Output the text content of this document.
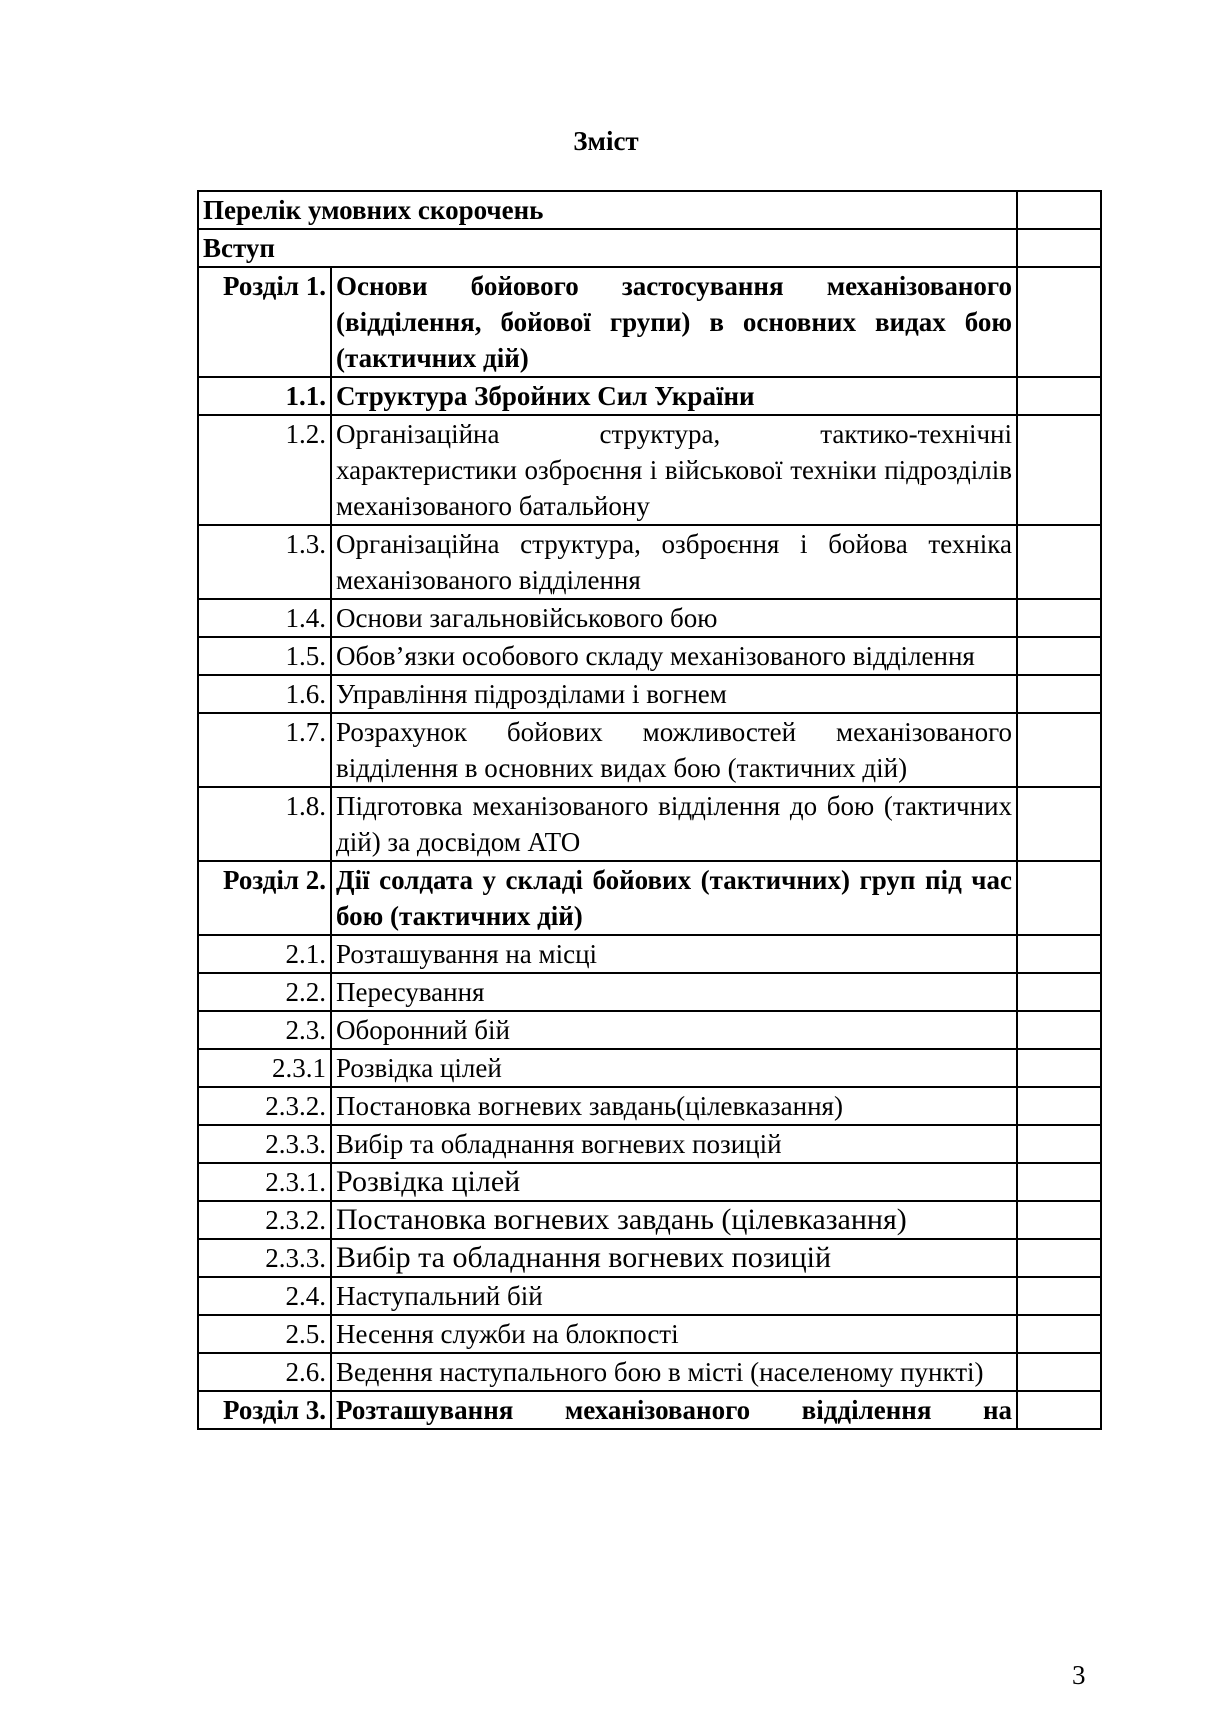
Зміст
Перелік умовних скорочень		
Вступ		
Розділ 1.	Основи бойового застосування механізованого (відділення, бойової групи) в основних видах бою (тактичних дій)	
1.1.	Структура Збройних Сил України	
1.2.	Організаційна структура, тактико-технічні характеристики озброєння і військової техніки підрозділів механізованого батальйону	
1.3.	Організаційна структура, озброєння і бойова техніка механізованого відділення	
1.4.	Основи загальновійськового бою	
1.5.	Обов’язки особового складу механізованого відділення	
1.6.	Управління підрозділами і вогнем	
1.7.	Розрахунок бойових можливостей механізованого відділення в основних видах бою (тактичних дій)	
1.8.	Підготовка механізованого відділення до бою (тактичних дій) за досвідом АТО	
Розділ 2.	Дії солдата у складі бойових (тактичних) груп під час бою (тактичних дій)	
2.1.	Розташування на місці	
2.2.	Пересування	
2.3.	Оборонний бій	
2.3.1	Розвідка цілей	
2.3.2.	Постановка вогневих завдань(цілевказання)	
2.3.3.	Вибір та обладнання вогневих позицій	
2.3.1.	Розвідка цілей	
2.3.2.	Постановка вогневих завдань (цілевказання)	
2.3.3.	Вибір та обладнання вогневих позицій	
2.4.	Наступальний бій	
2.5.	Несення служби на блокпості	
2.6.	Ведення наступального бою в місті (населеному пункті)	
Розділ 3.	Розташування механізованого відділення на	
3
